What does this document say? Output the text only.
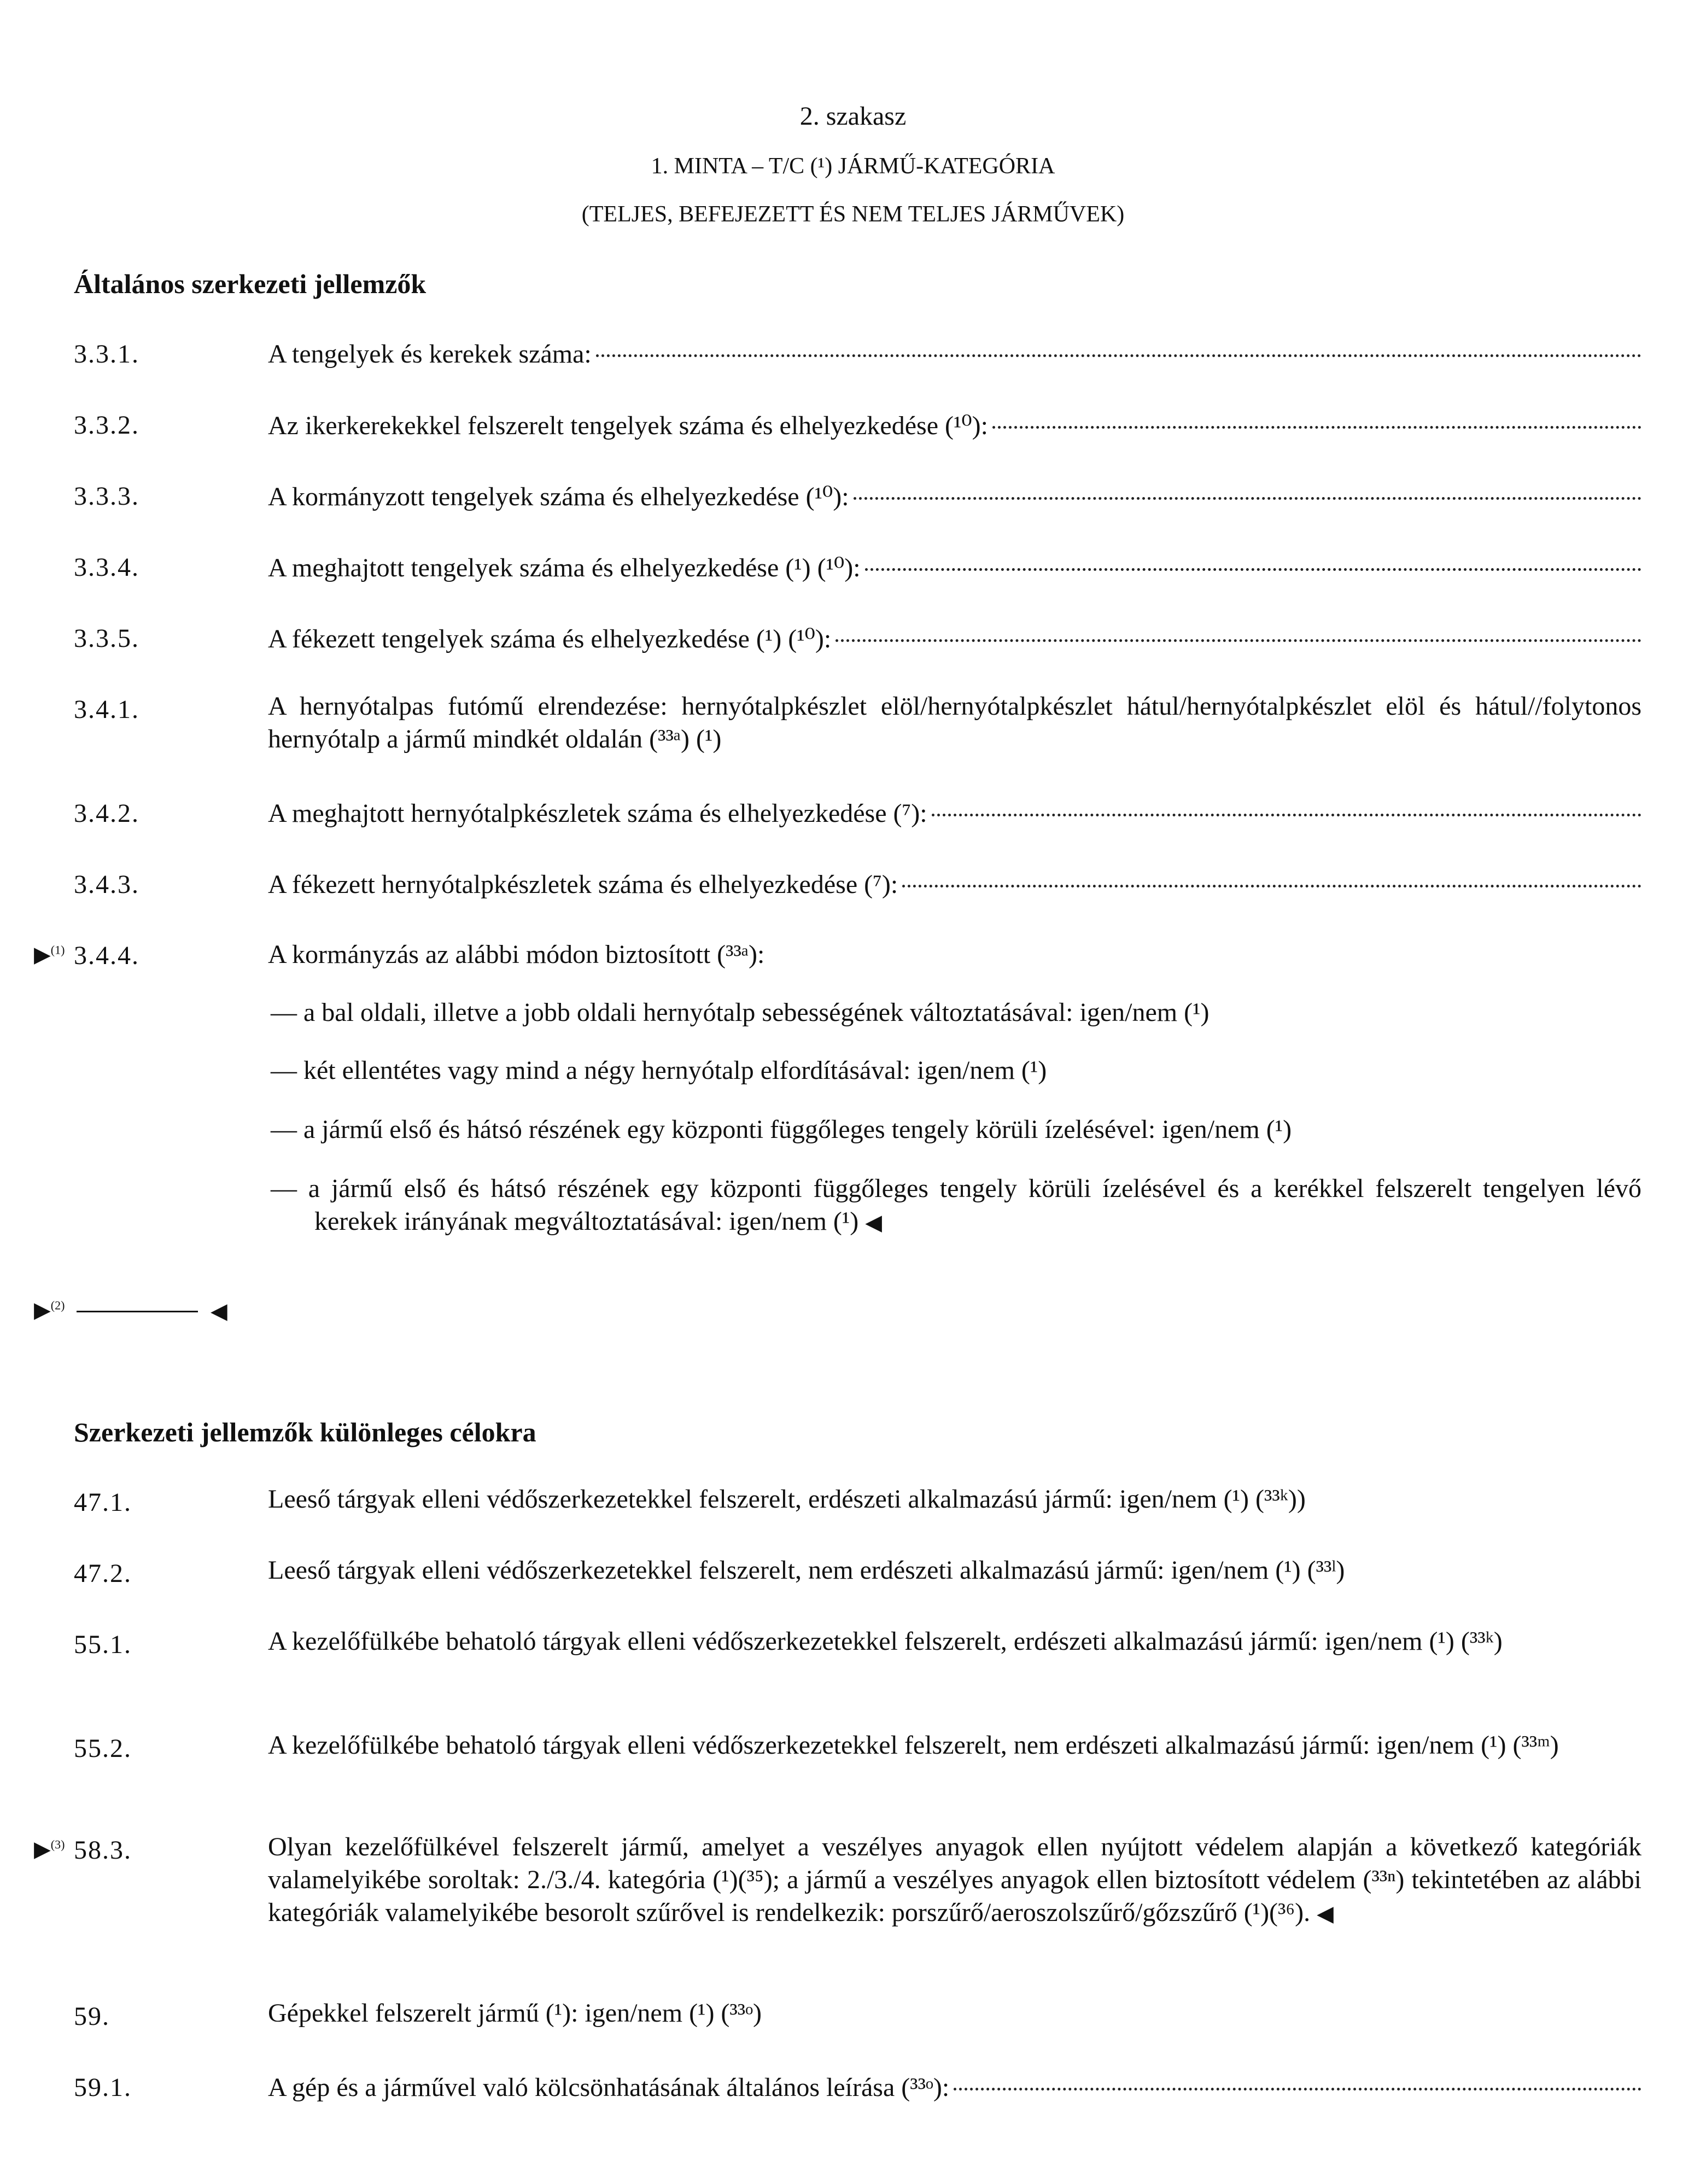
2. szakasz
1. MINTA – T/C (¹) JÁRMŰ-KATEGÓRIA
(TELJES, BEFEJEZETT ÉS NEM TELJES JÁRMŰVEK)
Általános szerkezeti jellemzők
3.3.1.	A tengelyek és kerekek száma:
3.3.2.	Az ikerkerekekkel felszerelt tengelyek száma és elhelyezkedése (¹⁰):
3.3.3.	A kormányzott tengelyek száma és elhelyezkedése (¹⁰):
3.3.4.	A meghajtott tengelyek száma és elhelyezkedése (¹) (¹⁰):
3.3.5.	A fékezett tengelyek száma és elhelyezkedése (¹) (¹⁰):
3.4.1.	A hernyótalpas futómű elrendezése: hernyótalpkészlet elöl/hernyótalpkészlet hátul/hernyótalpkészlet elöl és hátul//folytonos hernyótalp a jármű mindkét oldalán (³³ᵃ) (¹)
3.4.2.	A meghajtott hernyótalpkészletek száma és elhelyezkedése (⁷):
3.4.3.	A fékezett hernyótalpkészletek száma és elhelyezkedése (⁷):
▶$^{(1)}$ 3.4.4.	A kormányzás az alábbi módon biztosított (³³ᵃ):
— a bal oldali, illetve a jobb oldali hernyótalp sebességének változtatásával: igen/nem (¹)
— két ellentétes vagy mind a négy hernyótalp elfordításával: igen/nem (¹)
— a jármű első és hátsó részének egy központi függőleges tengely körüli ízelésével: igen/nem (¹)
— a jármű első és hátsó részének egy központi függőleges tengely körüli ízelésével és a kerékkel felszerelt tengelyen lévő kerekek irányának megváltoztatásával: igen/nem (¹) ◀
▶$^{(2)}$	◀
Szerkezeti jellemzők különleges célokra
47.1.	Leeső tárgyak elleni védőszerkezetekkel felszerelt, erdészeti alkalmazású jármű: igen/nem (¹) (³³ᵏ))
47.2.	Leeső tárgyak elleni védőszerkezetekkel felszerelt, nem erdészeti alkalmazású jármű: igen/nem (¹) (³³ˡ)
55.1.	A kezelőfülkébe behatoló tárgyak elleni védőszerkezetekkel felszerelt, erdészeti alkalmazású jármű: igen/nem (¹) (³³ᵏ)
55.2.	A kezelőfülkébe behatoló tárgyak elleni védőszerkezetekkel felszerelt, nem erdészeti alkalmazású jármű: igen/nem (¹) (³³ᵐ)
▶$^{(3)}$ 58.3.	Olyan kezelőfülkével felszerelt jármű, amelyet a veszélyes anyagok ellen nyújtott védelem alapján a következő kategóriák valamelyikébe soroltak: 2./3./4. kategória (¹)(³⁵); a jármű a veszélyes anyagok ellen biztosított védelem (³³ⁿ) tekintetében az alábbi kategóriák valamelyikébe besorolt szűrővel is rendelkezik: porszűrő/aeroszolszűrő/gőzszűrő (¹)(³⁶). ◀
59.	Gépekkel felszerelt jármű (¹): igen/nem (¹) (³³ᵒ)
59.1.	A gép és a járművel való kölcsönhatásának általános leírása (³³ᵒ):
